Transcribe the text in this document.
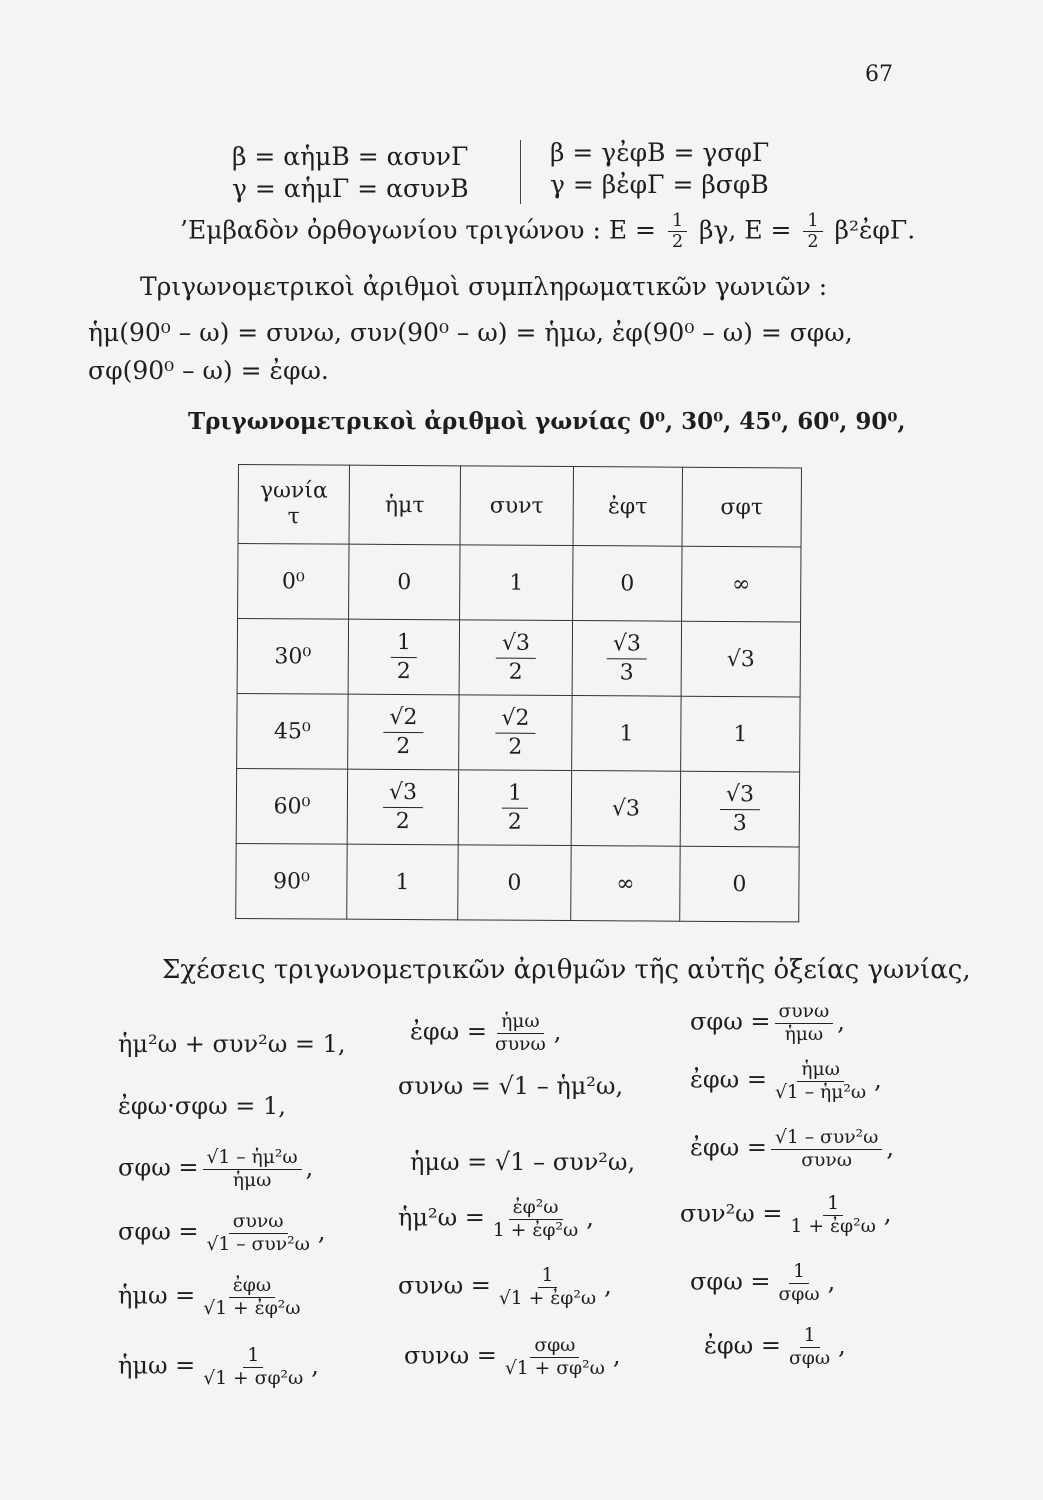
67
β = αἡμΒ = ασυνΓ
γ = αἡμΓ = ασυνΒ
β = γἐφΒ = γσφΓ
γ = βἐφΓ = βσφΒ
’Εμβαδὸν ὀρθογωνίου τριγώνου : $E = \frac{1}{2} \beta\gamma$, $E = \frac{1}{2}$ β²ἐφΓ.
Τριγωνομετρικοὶ ἀριθμοὶ συμπληρωματικῶν γωνιῶν :
ἡμ(90⁰ – ω) = συνω, συν(90⁰ – ω) = ἡμω, ἐφ(90⁰ – ω) = σφω,
σφ(90⁰ – ω) = ἐφω.
Τριγωνομετρικοὶ ἀριθμοὶ γωνίας 0⁰, 30⁰, 45⁰, 60⁰, 90⁰,
γωνία
τ	ἡμτ	συντ	ἐφτ	σφτ
0⁰	0	1	0	∞
30⁰	$\frac{1}{2}$	$\frac{√3}{2}$	$\frac{√3}{3}$	√3
45⁰	$\frac{√2}{2}$	$\frac{√2}{2}$	1	1
60⁰	$\frac{√3}{2}$	$\frac{1}{2}$	√3	$\frac{√3}{3}$

90⁰	1	0	∞	0
Σχέσεις τριγωνομετρικῶν ἀριθμῶν τῆς αὐτῆς ὀξείας γωνίας,
ἡμ²ω + συν²ω = 1,	ἐφω = $\frac{\text{ἡμω}}{\text{συνω}}$ ,	$\sigma\varphi\omega = \frac{\text{συνω}}{\text{ἡμω}}$ ,
ἐφω·σφω = 1,
συνω = √1 – ἡμ²ω,	ἐφω = $\frac{\text{ἡμω}}{\text{√1 – ἡμ²ω}}$ ,
$\sigma\varphi\omega = \frac{\text{√1 – ἡμ²ω}}{\text{ἡμω}}$ ,	ἡμω = √1 – συν²ω,
ἐφω = $\frac{\text{√1 – συν²ω}}{\text{συνω}}$ ,
$\sigma\varphi\omega = \frac{\text{συνω}}{\text{√1 – συν²ω}}$ ,	ἡμ²ω = $\frac{\text{ἐφ²ω}}{\text{1 + ἐφ²ω}}$ ,	$\sigma\upsilon\nu^2\omega = \frac{1}{\text{1 + ἐφ²ω}}$ ,
ἡμω = $\frac{\text{ἐφω}}{\text{√1 + ἐφ²ω}}$	$\sigma\upsilon\nu\omega = \frac{1}{\text{√1 + ἐφ²ω}}$ ,	$\sigma\varphi\omega = \frac{1}{\text{σφω}}$ ,
ἡμω = $\frac{1}{\text{√1 + σφ²ω}}$ ,	$\sigma\upsilon\nu\omega = \frac{\text{σφω}}{\text{√1 + σφ²ω}}$ ,	ἐφω = $\frac{1}{\text{σφω}}$ ,
